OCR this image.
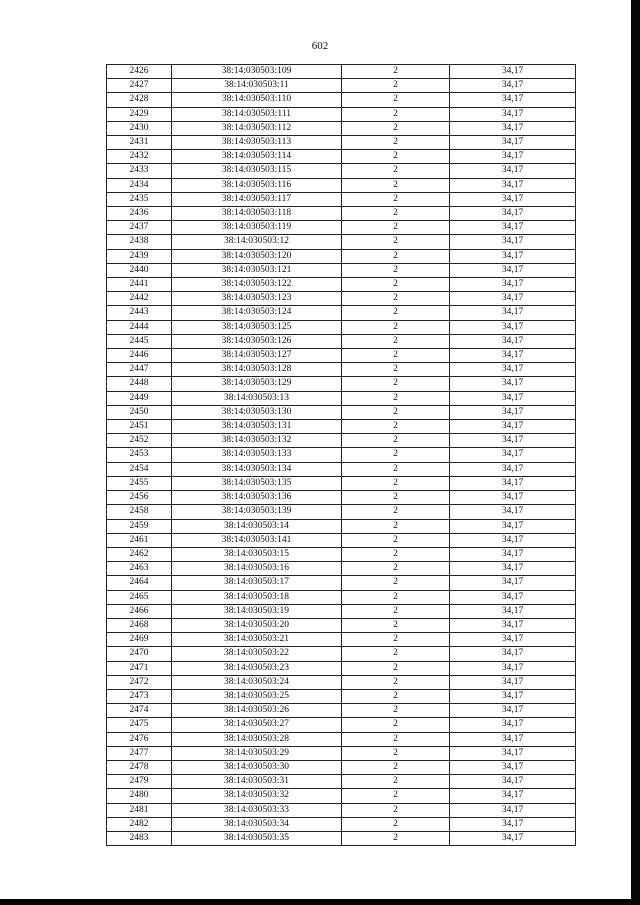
602
2426	38:14:030503:109	2	34,17
2427	38:14:030503:11	2	34,17
2428	38:14:030503:110	2	34,17
2429	38:14:030503:111	2	34,17
2430	38:14:030503:112	2	34,17
2431	38:14:030503:113	2	34,17
2432	38:14:030503:114	2	34,17
2433	38:14:030503:115	2	34,17
2434	38:14:030503:116	2	34,17
2435	38:14:030503:117	2	34,17
2436	38:14:030503:118	2	34,17
2437	38:14:030503:119	2	34,17
2438	38:14:030503:12	2	34,17
2439	38:14:030503:120	2	34,17
2440	38:14:030503:121	2	34,17
2441	38:14:030503:122	2	34,17
2442	38:14:030503:123	2	34,17
2443	38:14:030503:124	2	34,17
2444	38:14:030503:125	2	34,17
2445	38:14:030503:126	2	34,17
2446	38:14:030503:127	2	34,17
2447	38:14:030503:128	2	34,17
2448	38:14:030503:129	2	34,17
2449	38:14:030503:13	2	34,17
2450	38:14:030503:130	2	34,17
2451	38:14:030503:131	2	34,17
2452	38:14:030503:132	2	34,17
2453	38:14:030503:133	2	34,17
2454	38:14:030503:134	2	34,17
2455	38:14:030503:135	2	34,17
2456	38:14:030503:136	2	34,17
2458	38:14:030503:139	2	34,17
2459	38:14:030503:14	2	34,17
2461	38:14:030503:141	2	34,17
2462	38:14:030503:15	2	34,17
2463	38:14:030503:16	2	34,17
2464	38:14:030503:17	2	34,17
2465	38:14:030503:18	2	34,17
2466	38:14:030503:19	2	34,17
2468	38:14:030503:20	2	34,17
2469	38:14:030503:21	2	34,17
2470	38:14:030503:22	2	34,17
2471	38:14:030503:23	2	34,17
2472	38:14:030503:24	2	34,17
2473	38:14:030503:25	2	34,17
2474	38:14:030503:26	2	34,17
2475	38:14:030503:27	2	34,17
2476	38:14:030503:28	2	34,17
2477	38:14:030503:29	2	34,17
2478	38:14:030503:30	2	34,17
2479	38:14:030503:31	2	34,17
2480	38:14:030503:32	2	34,17
2481	38:14:030503:33	2	34,17
2482	38:14:030503:34	2	34,17
2483	38:14:030503:35	2	34,17
